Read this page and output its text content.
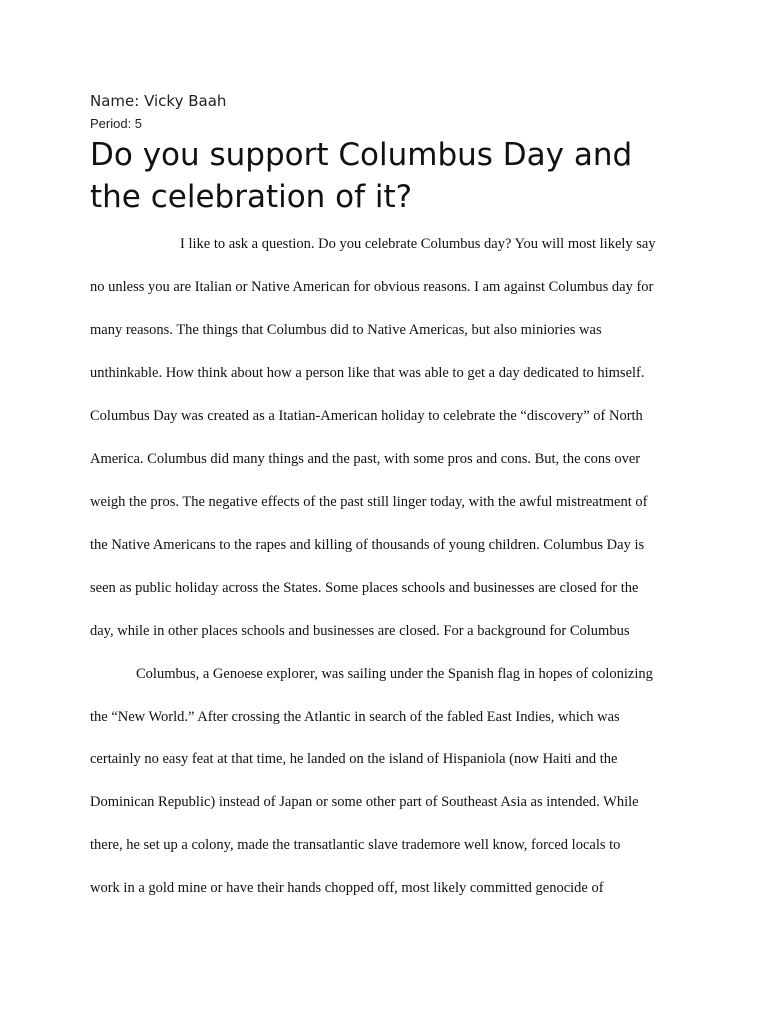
Name: Vicky Baah
Period: 5
Do you support Columbus Day and
the celebration of it?
I like to ask a question. Do you celebrate Columbus day? You will most likely say
no unless you are Italian or Native American for obvious reasons. I am against Columbus day for
many reasons. The things that Columbus did to Native Americas, but also miniories was
unthinkable. How think about how a person like that was able to get a day dedicated to himself.
Columbus Day was created as a Itatian-American holiday to celebrate the “discovery” of North
America. Columbus did many things and the past, with some pros and cons. But, the cons over
weigh the pros. The negative effects of the past still linger today, with the awful mistreatment of
the Native Americans to the rapes and killing of thousands of young children. Columbus Day is
seen as public holiday across the States. Some places schools and businesses are closed for the
day, while in other places schools and businesses are closed. For a background for Columbus
Columbus, a Genoese explorer, was sailing under the Spanish flag in hopes of colonizing
the “New World.” After crossing the Atlantic in search of the fabled East Indies, which was
certainly no easy feat at that time, he landed on the island of Hispaniola (now Haiti and the
Dominican Republic) instead of Japan or some other part of Southeast Asia as intended. While
there, he set up a colony, made the transatlantic slave trademore well know, forced locals to
work in a gold mine or have their hands chopped off, most likely committed genocide of
